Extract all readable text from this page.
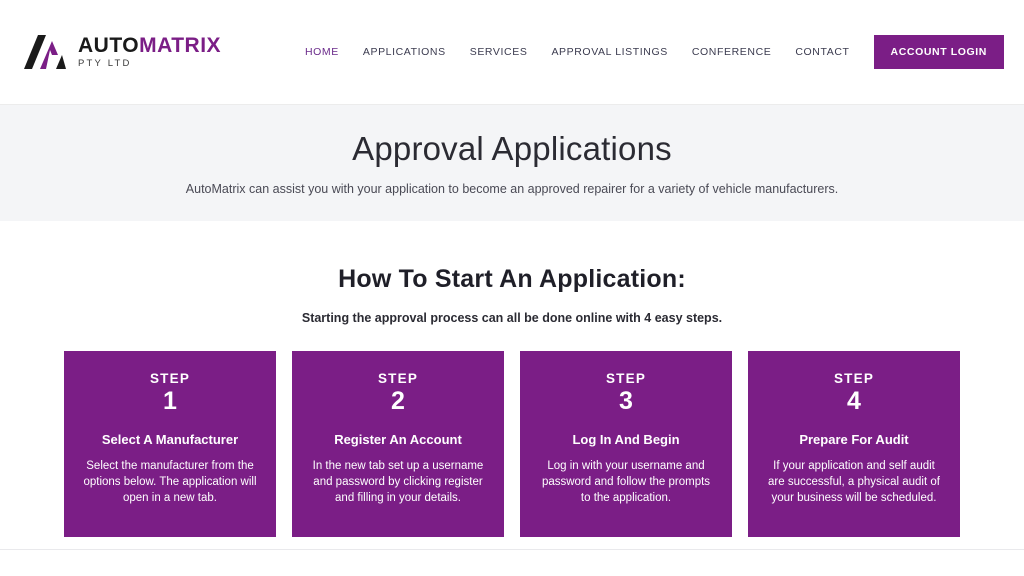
AUTOMATRIX
PTY LTD
HOME APPLICATIONS SERVICES APPROVAL LISTINGS CONFERENCE CONTACT	ACCOUNT LOGIN
Approval Applications

AutoMatrix can assist you with your application to become an approved repairer for a variety of vehicle manufacturers.

How To Start An Application:
Starting the approval process can all be done online with 4 easy steps.
STEP
1
Select A Manufacturer
Select the manufacturer from the options below. The application will open in a new tab.
STEP
2
Register An Account
In the new tab set up a username and password by clicking register and filling in your details.
STEP
3
Log In And Begin
Log in with your username and password and follow the prompts to the application.
STEP
4
Prepare For Audit
If your application and self audit are successful, a physical audit of your business will be scheduled.
